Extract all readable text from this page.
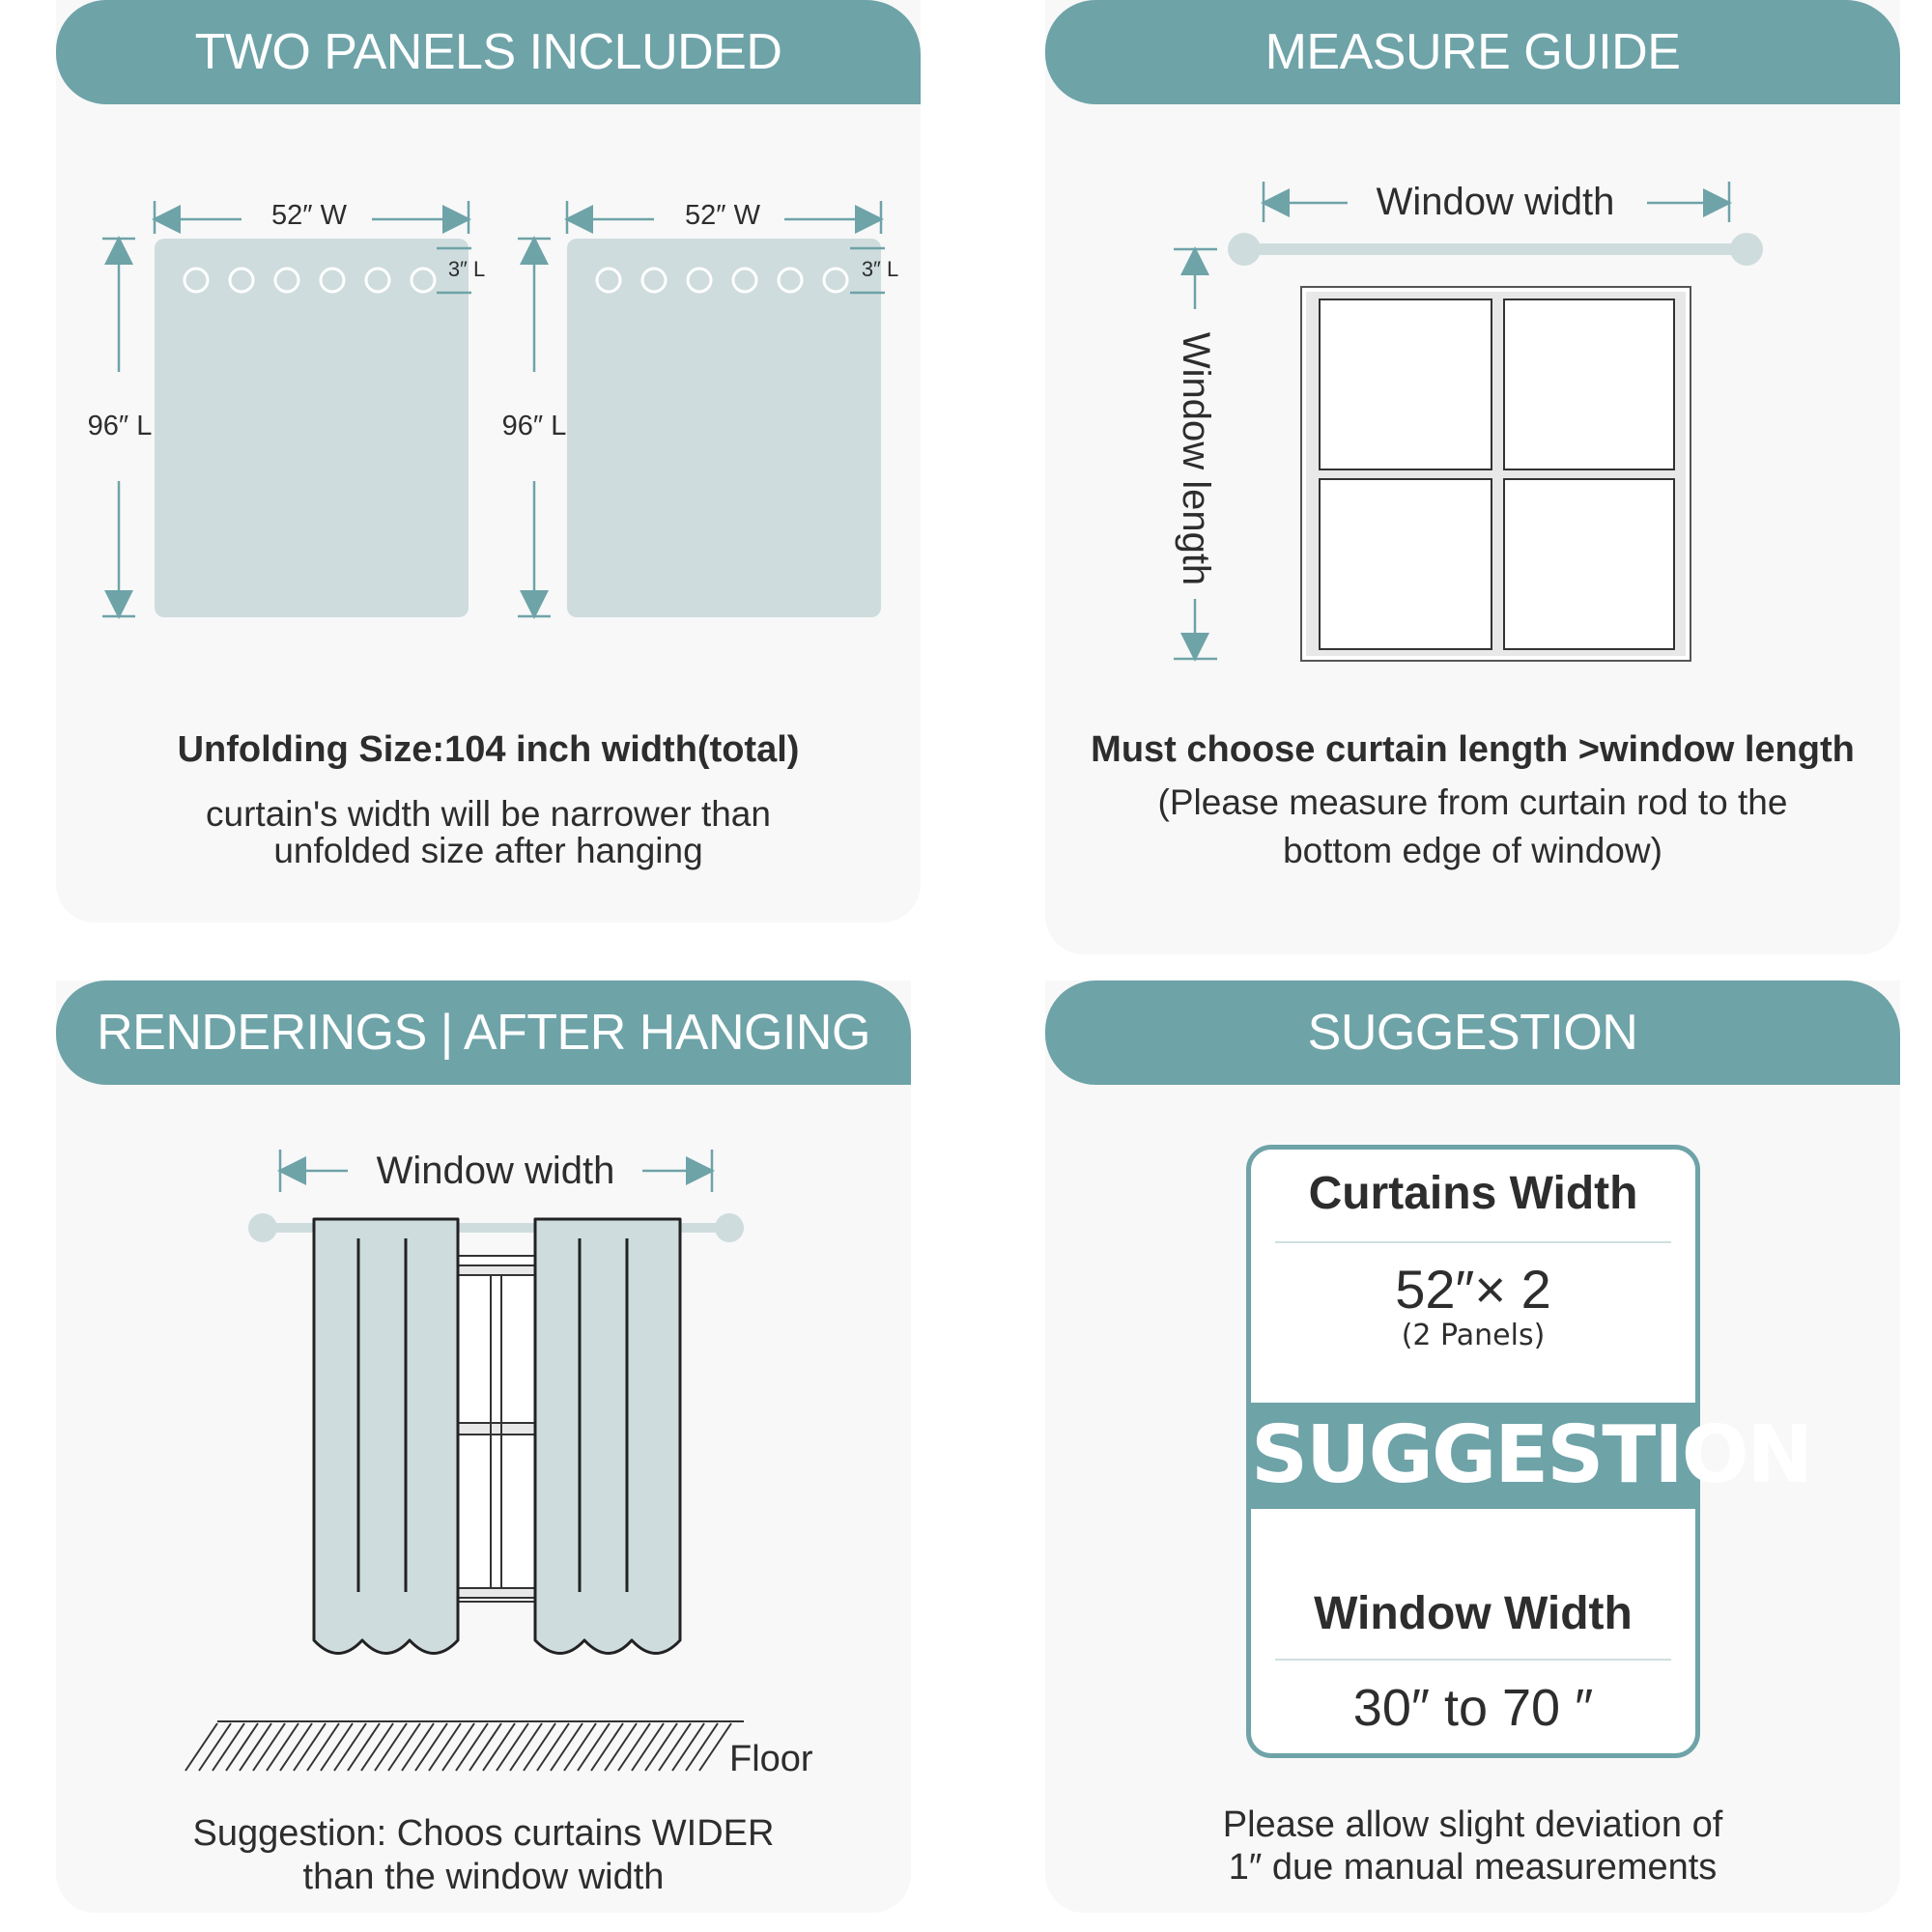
TWO PANELS INCLUDED
Unfolding Size:104 inch width(total)
curtain's width will be narrower than
unfolded size after hanging
52″ W
96″ L
3″ L
52″ W
96″ L
3″ L
MEASURE GUIDE
Must choose curtain length >window length
(Please measure from curtain rod to the
bottom edge of window)
Window width
Window length
RENDERINGS | AFTER HANGING
Suggestion: Choos curtains WIDER
than the window width
Window width
Floor
SUGGESTION
Please allow slight deviation of
1″ due manual measurements
Curtains Width
52″× 2
(2 Panels)
SUGGESTION
Window Width
30″ to 70 ″
